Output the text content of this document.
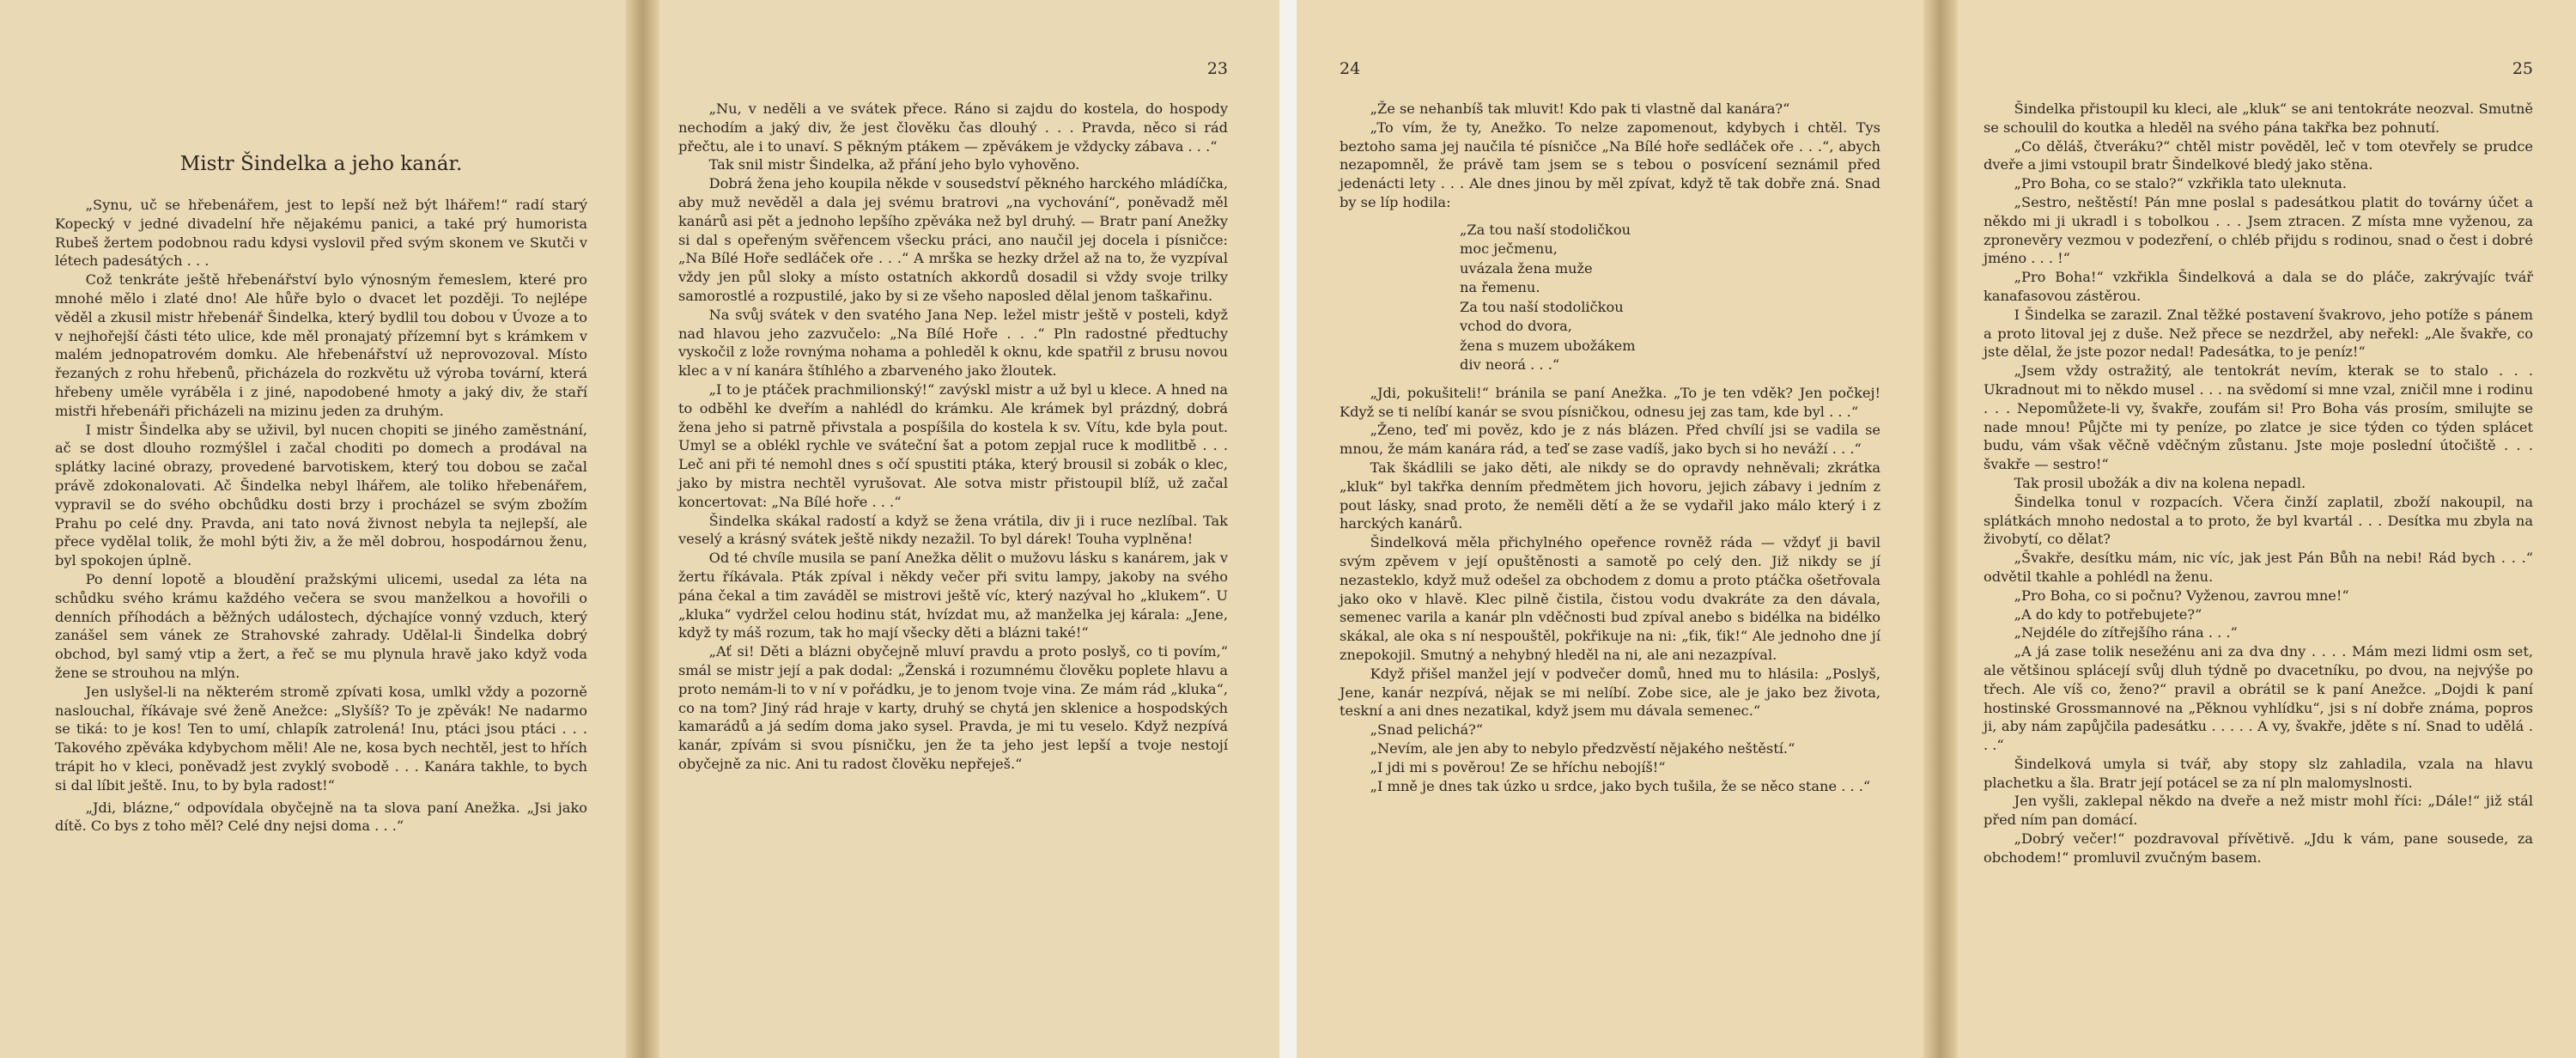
Mistr Šindelka a jeho kanár.

„Synu, uč se hřebenářem, jest to lepší než být lhářem!“ radí starý Kopecký v jedné divadelní hře nějakému panici, a také prý humorista Rubeš žertem podobnou radu kdysi vyslovil před svým skonem ve Skutči v létech padesátých . . .

Což tenkráte ještě hřebenářství bylo výnosným řemeslem, které pro mnohé mělo i zlaté dno! Ale hůře bylo o dvacet let později. To nejlépe věděl a zkusil mistr hřebenář Šindelka, který bydlil tou dobou v Úvoze a to v nejhořejší části této ulice, kde měl pronajatý přízemní byt s krámkem v malém jednopatrovém domku. Ale hřebenářství už neprovozoval. Místo řezaných z rohu hřebenů, přicházela do rozkvětu už výroba tovární, která hřebeny uměle vyráběla i z jiné, napodobené hmoty a jaký div, že staří mistři hřebenáři přicházeli na mizinu jeden za druhým.

I mistr Šindelka aby se uživil, byl nucen chopiti se jiného zaměstnání, ač se dost dlouho rozmýšlel i začal choditi po domech a prodával na splátky laciné obrazy, provedené barvotiskem, který tou dobou se začal právě zdokonalovati. Ač Šindelka nebyl lhářem, ale toliko hřebenářem, vypravil se do svého obchůdku dosti brzy i procházel se svým zbožím Prahu po celé dny. Pravda, ani tato nová živnost nebyla ta nejlepší, ale přece vydělal tolik, že mohl býti živ, a že měl dobrou, hospodárnou ženu, byl spokojen úplně.

Po denní lopotě a bloudění pražskými ulicemi, usedal za léta na schůdku svého krámu každého večera se svou manželkou a hovořili o denních příhodách a běžných událostech, dýchajíce vonný vzduch, který zanášel sem vánek ze Strahovské zahrady. Udělal-li Šindelka dobrý obchod, byl samý vtip a žert, a řeč se mu plynula hravě jako když voda žene se strouhou na mlýn.

Jen uslyšel-li na některém stromě zpívati kosa, umlkl vždy a pozorně naslouchal, říkávaje své ženě Anežce: „Slyšíš? To je zpěvák! Ne nadarmo se tiká: to je kos! Ten to umí, chlapík zatrolená! Inu, ptáci jsou ptáci . . . Takového zpěváka kdybychom měli! Ale ne, kosa bych nechtěl, jest to hřích trápit ho v kleci, poněvadž jest zvyklý svobodě . . . Kanára takhle, to bych si dal líbit ještě. Inu, to by byla radost!“

„Jdi, blázne,“ odpovídala obyčejně na ta slova paní Anežka. „Jsi jako dítě. Co bys z toho měl? Celé dny nejsi doma . . .“

23

„Nu, v neděli a ve svátek přece. Ráno si zajdu do kostela, do hospody nechodím a jaký div, že jest člověku čas dlouhý . . . Pravda, něco si rád přečtu, ale i to unaví. S pěkným ptákem — zpěvákem je vždycky zábava . . .“

Tak snil mistr Šindelka, až přání jeho bylo vyhověno.

Dobrá žena jeho koupila někde v sousedství pěkného harckého mládíčka, aby muž nevěděl a dala jej svému bratrovi „na vychování“, poněvadž měl kanárů asi pět a jednoho lepšího zpěváka než byl druhý. — Bratr paní Anežky si dal s opeřeným svěřencem všecku práci, ano naučil jej docela i písničce: „Na Bílé Hoře sedláček oře . . .“ A mrška se hezky držel až na to, že vyzpíval vždy jen půl sloky a místo ostatních akkordů dosadil si vždy svoje trilky samorostlé a rozpustilé, jako by si ze všeho naposled dělal jenom taškařinu.

Na svůj svátek v den svatého Jana Nep. ležel mistr ještě v posteli, když nad hlavou jeho zazvučelo: „Na Bílé Hoře . . .“ Pln radostné předtuchy vyskočil z lože rovnýma nohama a pohleděl k oknu, kde spatřil z brusu novou klec a v ní kanára štíhlého a zbarveného jako žloutek.

„I to je ptáček prachmilionský!“ zavýskl mistr a už byl u klece. A hned na to odběhl ke dveřím a nahlédl do krámku. Ale krámek byl prázdný, dobrá žena jeho si patrně přivstala a pospíšila do kostela k sv. Vítu, kde byla pout. Umyl se a oblékl rychle ve sváteční šat a potom zepjal ruce k modlitbě . . . Leč ani při té nemohl dnes s očí spustiti ptáka, který brousil si zobák o klec, jako by mistra nechtěl vyrušovat. Ale sotva mistr přistoupil blíž, už začal koncertovat: „Na Bílé hoře . . .“

Šindelka skákal radostí a když se žena vrátila, div ji i ruce nezlíbal. Tak veselý a krásný svátek ještě nikdy nezažil. To byl dárek! Touha vyplněna!

Od té chvíle musila se paní Anežka dělit o mužovu lásku s kanárem, jak v žertu říkávala. Pták zpíval i někdy večer při svitu lampy, jakoby na svého pána čekal a tim zaváděl se mistrovi ještě víc, který nazýval ho „klukem“. U „kluka“ vydržel celou hodinu stát, hvízdat mu, až manželka jej kárala: „Jene, když ty máš rozum, tak ho mají všecky děti a blázni také!“

„Ať si! Děti a blázni obyčejně mluví pravdu a proto poslyš, co ti povím,“ smál se mistr její a pak dodal: „Ženská i rozumnému člověku poplete hlavu a proto nemám-li to v ní v pořádku, je to jenom tvoje vina. Ze mám rád „kluka“, co na tom? Jiný rád hraje v karty, druhý se chytá jen sklenice a hospodských kamarádů a já sedím doma jako sysel. Pravda, je mi tu veselo. Když nezpívá kanár, zpívám si svou písničku, jen že ta jeho jest lepší a tvoje nestojí obyčejně za nic. Ani tu radost člověku nepřeješ.“

24

„Že se nehanbíš tak mluvit! Kdo pak ti vlastně dal kanára?“

„To vím, že ty, Anežko. To nelze zapomenout, kdybych i chtěl. Tys beztoho sama jej naučila té písničce „Na Bílé hoře sedláček oře . . .“, abych nezapomněl, že právě tam jsem se s tebou o posvícení seznámil před jedenácti lety . . . Ale dnes jinou by měl zpívat, když tě tak dobře zná. Snad by se líp hodila:

„Za tou naší stodoličkou
moc ječmenu,
uvázala žena muže
na řemenu.
Za tou naší stodoličkou
vchod do dvora,
žena s muzem ubožákem
div neorá . . .“

„Jdi, pokušiteli!“ bránila se paní Anežka. „To je ten vděk? Jen počkej! Když se ti nelíbí kanár se svou písničkou, odnesu jej zas tam, kde byl . . .“

„Ženo, teď mi pověz, kdo je z nás blázen. Před chvílí jsi se vadila se mnou, že mám kanára rád, a teď se zase vadíš, jako bych si ho neváží . . .“

Tak škádlili se jako děti, ale nikdy se do opravdy nehněvali; zkrátka „kluk“ byl takřka denním předmětem jich hovoru, jejich zábavy i jedním z pout lásky, snad proto, že neměli dětí a že se vydařil jako málo který i z harckých kanárů.

Šindelková měla přichylného opeřence rovněž ráda — vždyť ji bavil svým zpěvem v její opuštěnosti a samotě po celý den. Již nikdy se jí nezasteklo, když muž odešel za obchodem z domu a proto ptáčka ošetřovala jako oko v hlavě. Klec pilně čistila, čistou vodu dvakráte za den dávala, semenec varila a kanár pln vděčnosti bud zpíval anebo s bidélka na bidélko skákal, ale oka s ní nespouštěl, pokřikuje na ni: „ťik, ťik!“ Ale jednoho dne jí znepokojil. Smutný a nehybný hleděl na ni, ale ani nezazpíval.

Když přišel manžel její v podvečer domů, hned mu to hlásila: „Poslyš, Jene, kanár nezpívá, nějak se mi nelíbí. Zobe sice, ale je jako bez života, teskní a ani dnes nezatikal, když jsem mu dávala semenec.“

„Snad pelichá?“

„Nevím, ale jen aby to nebylo předzvěstí nějakého neštěstí.“

„I jdi mi s pověrou! Ze se hříchu nebojíš!“

„I mně je dnes tak úzko u srdce, jako bych tušila, že se něco stane . . .“

25

Šindelka přistoupil ku kleci, ale „kluk“ se ani tentokráte neozval. Smutně se schoulil do koutka a hleděl na svého pána takřka bez pohnutí.

„Co děláš, čtveráku?“ chtěl mistr pověděl, leč v tom otevřely se prudce dveře a jimi vstoupil bratr Šindelkové bledý jako stěna.

„Pro Boha, co se stalo?“ vzkřikla tato uleknuta.

„Sestro, neštěstí! Pán mne poslal s padesátkou platit do továrny účet a někdo mi ji ukradl i s tobolkou . . . Jsem ztracen. Z místa mne vyženou, za zpronevěry vezmou v podezření, o chléb přijdu s rodinou, snad o čest i dobré jméno . . . !“

„Pro Boha!“ vzkřikla Šindelková a dala se do pláče, zakrývajíc tvář kanafasovou zástěrou.

I Šindelka se zarazil. Znal těžké postavení švakrovo, jeho potíže s pánem a proto litoval jej z duše. Než přece se nezdržel, aby neřekl: „Ale švakře, co jste dělal, že jste pozor nedal! Padesátka, to je peníz!“

„Jsem vždy ostražitý, ale tentokrát nevím, kterak se to stalo . . . Ukradnout mi to někdo musel . . . na svědomí si mne vzal, zničil mne i rodinu . . . Nepomůžete-li vy, švakře, zoufám si! Pro Boha vás prosím, smilujte se nade mnou! Půjčte mi ty peníze, po zlatce je sice týden co týden splácet budu, vám však věčně vděčným zůstanu. Jste moje poslední útočiště . . . švakře — sestro!“

Tak prosil ubožák a div na kolena nepadl.

Šindelka tonul v rozpacích. Včera činží zaplatil, zboží nakoupil, na splátkách mnoho nedostal a to proto, že byl kvartál . . . Desítka mu zbyla na živobytí, co dělat?

„Švakře, desítku mám, nic víc, jak jest Pán Bůh na nebi! Rád bych . . .“ odvětil tkahle a pohlédl na ženu.

„Pro Boha, co si počnu? Vyženou, zavrou mne!“

„A do kdy to potřebujete?“

„Nejdéle do zítřejšího rána . . .“

„A já zase tolik nesežénu ani za dva dny . . . . Mám mezi lidmi osm set, ale většinou splácejí svůj dluh týdně po dvacetníku, po dvou, na nejvýše po třech. Ale víš co, ženo?“ pravil a obrátil se k paní Anežce. „Dojdi k paní hostinské Grossmannové na „Pěknou vyhlídku“, jsi s ní dobře známa, popros ji, aby nám zapůjčila padesátku . . . . . A vy, švakře, jděte s ní. Snad to udělá . . .“

Šindelková umyla si tvář, aby stopy slz zahladila, vzala na hlavu plachetku a šla. Bratr její potácel se za ní pln malomyslnosti.

Jen vyšli, zaklepal někdo na dveře a než mistr mohl říci: „Dále!“ již stál před ním pan domácí.

„Dobrý večer!“ pozdravoval přívětivě. „Jdu k vám, pane sousede, za obchodem!“ promluvil zvučným basem.
